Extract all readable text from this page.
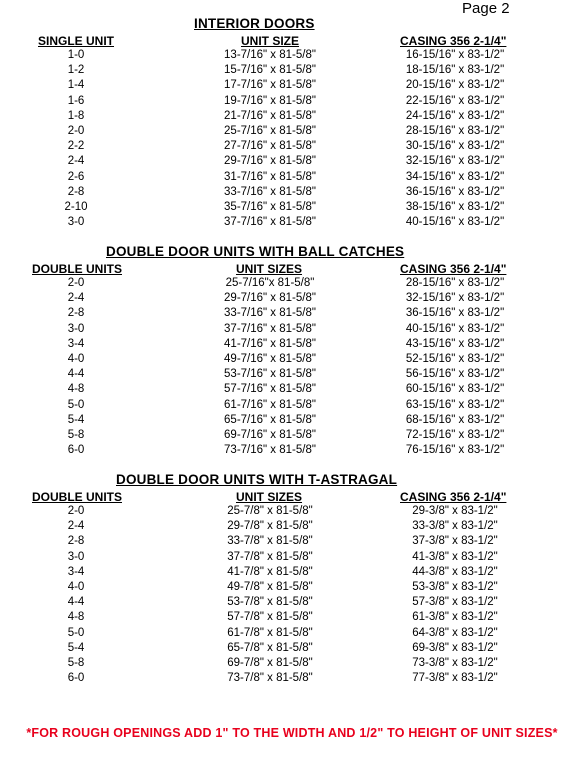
Page 2
INTERIOR DOORS
SINGLE UNIT	UNIT SIZE	CASING 356 2-1/4"
1-0	13-7/16" x 81-5/8"	16-15/16" x 83-1/2"
1-2	15-7/16" x 81-5/8"	18-15/16" x 83-1/2"
1-4	17-7/16" x 81-5/8"	20-15/16" x 83-1/2"
1-6	19-7/16" x 81-5/8"	22-15/16" x 83-1/2"
1-8	21-7/16" x 81-5/8"	24-15/16" x 83-1/2"
2-0	25-7/16" x 81-5/8"	28-15/16" x 83-1/2"
2-2	27-7/16" x 81-5/8"	30-15/16" x 83-1/2"
2-4	29-7/16" x 81-5/8"	32-15/16" x 83-1/2"
2-6	31-7/16" x 81-5/8"	34-15/16" x 83-1/2"
2-8	33-7/16" x 81-5/8"	36-15/16" x 83-1/2"
2-10	35-7/16" x 81-5/8"	38-15/16" x 83-1/2"
3-0	37-7/16" x 81-5/8"	40-15/16" x 83-1/2"
DOUBLE DOOR UNITS WITH BALL CATCHES
DOUBLE UNITS	UNIT SIZES	CASING 356 2-1/4"
2-0	25-7/16"x 81-5/8"	28-15/16" x 83-1/2"
2-4	29-7/16" x 81-5/8"	32-15/16" x 83-1/2"
2-8	33-7/16" x 81-5/8"	36-15/16" x 83-1/2"
3-0	37-7/16" x 81-5/8"	40-15/16" x 83-1/2"
3-4	41-7/16" x 81-5/8"	43-15/16" x 83-1/2"
4-0	49-7/16" x 81-5/8"	52-15/16" x 83-1/2"
4-4	53-7/16" x 81-5/8"	56-15/16" x 83-1/2"
4-8	57-7/16" x 81-5/8"	60-15/16" x 83-1/2"
5-0	61-7/16" x 81-5/8"	63-15/16" x 83-1/2"
5-4	65-7/16" x 81-5/8"	68-15/16" x 83-1/2"
5-8	69-7/16" x 81-5/8"	72-15/16" x 83-1/2"
6-0	73-7/16" x 81-5/8"	76-15/16" x 83-1/2"
DOUBLE DOOR UNITS WITH T-ASTRAGAL
DOUBLE UNITS	UNIT SIZES	CASING 356 2-1/4"
2-0	25-7/8" x 81-5/8"	29-3/8" x 83-1/2"
2-4	29-7/8" x 81-5/8"	33-3/8" x 83-1/2"
2-8	33-7/8" x 81-5/8"	37-3/8" x 83-1/2"
3-0	37-7/8" x 81-5/8"	41-3/8" x 83-1/2"
3-4	41-7/8" x 81-5/8"	44-3/8" x 83-1/2"
4-0	49-7/8" x 81-5/8"	53-3/8" x 83-1/2"
4-4	53-7/8" x 81-5/8"	57-3/8" x 83-1/2"
4-8	57-7/8" x 81-5/8"	61-3/8" x 83-1/2"
5-0	61-7/8" x 81-5/8"	64-3/8" x 83-1/2"
5-4	65-7/8" x 81-5/8"	69-3/8" x 83-1/2"
5-8	69-7/8" x 81-5/8"	73-3/8" x 83-1/2"
6-0	73-7/8" x 81-5/8"	77-3/8" x 83-1/2"
*FOR ROUGH OPENINGS ADD 1" TO THE WIDTH AND 1/2" TO HEIGHT OF UNIT SIZES*
